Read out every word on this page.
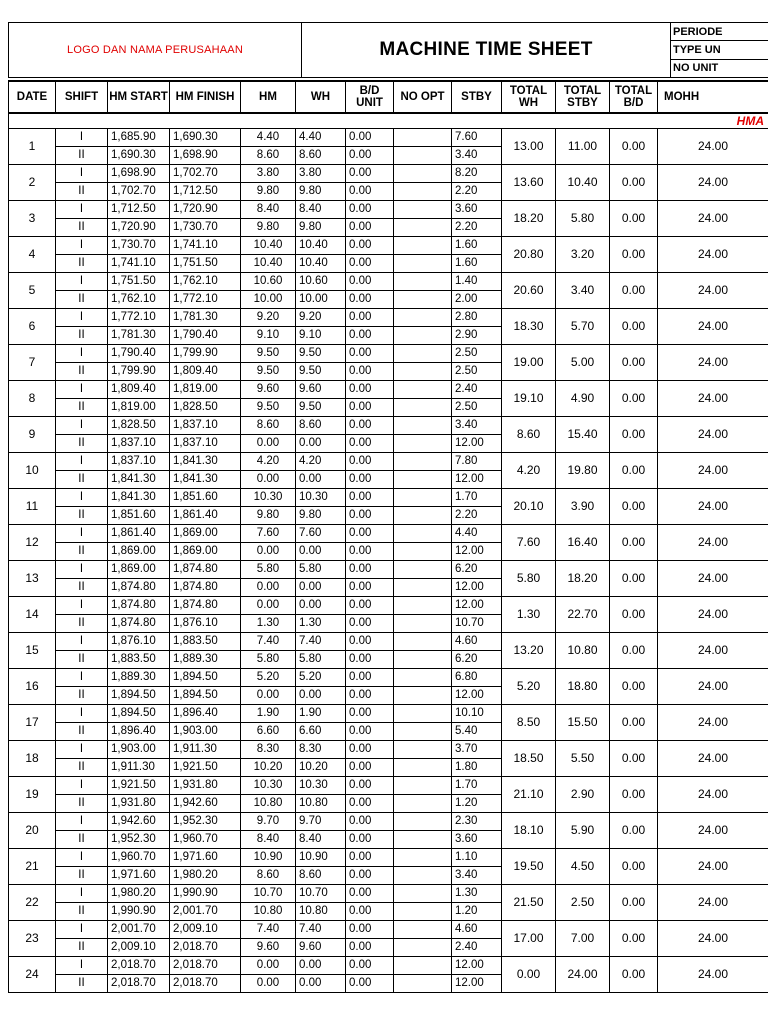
LOGO DAN NAMA PERUSAHAAN	MACHINE TIME SHEET
PERIODE
TYPE UN
NO UNIT
DATE	SHIFT	HM START	HM FINISH	HM	WH	B/D UNIT	NO OPT	STBY	TOTAL WH	TOTAL STBY	TOTAL B/D	MOHH
												HMA
1	I	1,685.90	1,690.30	4.40	4.40	0.00		7.60	13.00	11.00	0.00	24.00
	II	1,690.30	1,698.90	8.60	8.60	0.00		3.40				
2	I	1,698.90	1,702.70	3.80	3.80	0.00		8.20	13.60	10.40	0.00	24.00
	II	1,702.70	1,712.50	9.80	9.80	0.00		2.20				
3	I	1,712.50	1,720.90	8.40	8.40	0.00		3.60	18.20	5.80	0.00	24.00
	II	1,720.90	1,730.70	9.80	9.80	0.00		2.20				
4	I	1,730.70	1,741.10	10.40	10.40	0.00		1.60	20.80	3.20	0.00	24.00
	II	1,741.10	1,751.50	10.40	10.40	0.00		1.60				
5	I	1,751.50	1,762.10	10.60	10.60	0.00		1.40	20.60	3.40	0.00	24.00
	II	1,762.10	1,772.10	10.00	10.00	0.00		2.00				
6	I	1,772.10	1,781.30	9.20	9.20	0.00		2.80	18.30	5.70	0.00	24.00
	II	1,781.30	1,790.40	9.10	9.10	0.00		2.90				
7	I	1,790.40	1,799.90	9.50	9.50	0.00		2.50	19.00	5.00	0.00	24.00
	II	1,799.90	1,809.40	9.50	9.50	0.00		2.50				
8	I	1,809.40	1,819.00	9.60	9.60	0.00		2.40	19.10	4.90	0.00	24.00
	II	1,819.00	1,828.50	9.50	9.50	0.00		2.50				
9	I	1,828.50	1,837.10	8.60	8.60	0.00		3.40	8.60	15.40	0.00	24.00
	II	1,837.10	1,837.10	0.00	0.00	0.00		12.00				
10	I	1,837.10	1,841.30	4.20	4.20	0.00		7.80	4.20	19.80	0.00	24.00
	II	1,841.30	1,841.30	0.00	0.00	0.00		12.00				
11	I	1,841.30	1,851.60	10.30	10.30	0.00		1.70	20.10	3.90	0.00	24.00
	II	1,851.60	1,861.40	9.80	9.80	0.00		2.20				
12	I	1,861.40	1,869.00	7.60	7.60	0.00		4.40	7.60	16.40	0.00	24.00
	II	1,869.00	1,869.00	0.00	0.00	0.00		12.00				
13	I	1,869.00	1,874.80	5.80	5.80	0.00		6.20	5.80	18.20	0.00	24.00
	II	1,874.80	1,874.80	0.00	0.00	0.00		12.00				
14	I	1,874.80	1,874.80	0.00	0.00	0.00		12.00	1.30	22.70	0.00	24.00
	II	1,874.80	1,876.10	1.30	1.30	0.00		10.70				
15	I	1,876.10	1,883.50	7.40	7.40	0.00		4.60	13.20	10.80	0.00	24.00
	II	1,883.50	1,889.30	5.80	5.80	0.00		6.20				
16	I	1,889.30	1,894.50	5.20	5.20	0.00		6.80	5.20	18.80	0.00	24.00
	II	1,894.50	1,894.50	0.00	0.00	0.00		12.00				
17	I	1,894.50	1,896.40	1.90	1.90	0.00		10.10	8.50	15.50	0.00	24.00
	II	1,896.40	1,903.00	6.60	6.60	0.00		5.40				
18	I	1,903.00	1,911.30	8.30	8.30	0.00		3.70	18.50	5.50	0.00	24.00
	II	1,911.30	1,921.50	10.20	10.20	0.00		1.80				
19	I	1,921.50	1,931.80	10.30	10.30	0.00		1.70	21.10	2.90	0.00	24.00
	II	1,931.80	1,942.60	10.80	10.80	0.00		1.20				
20	I	1,942.60	1,952.30	9.70	9.70	0.00		2.30	18.10	5.90	0.00	24.00
	II	1,952.30	1,960.70	8.40	8.40	0.00		3.60				
21	I	1,960.70	1,971.60	10.90	10.90	0.00		1.10	19.50	4.50	0.00	24.00
	II	1,971.60	1,980.20	8.60	8.60	0.00		3.40				
22	I	1,980.20	1,990.90	10.70	10.70	0.00		1.30	21.50	2.50	0.00	24.00
	II	1,990.90	2,001.70	10.80	10.80	0.00		1.20				
23	I	2,001.70	2,009.10	7.40	7.40	0.00		4.60	17.00	7.00	0.00	24.00
	II	2,009.10	2,018.70	9.60	9.60	0.00		2.40				
24	I	2,018.70	2,018.70	0.00	0.00	0.00		12.00	0.00	24.00	0.00	24.00
	II	2,018.70	2,018.70	0.00	0.00	0.00		12.00				
